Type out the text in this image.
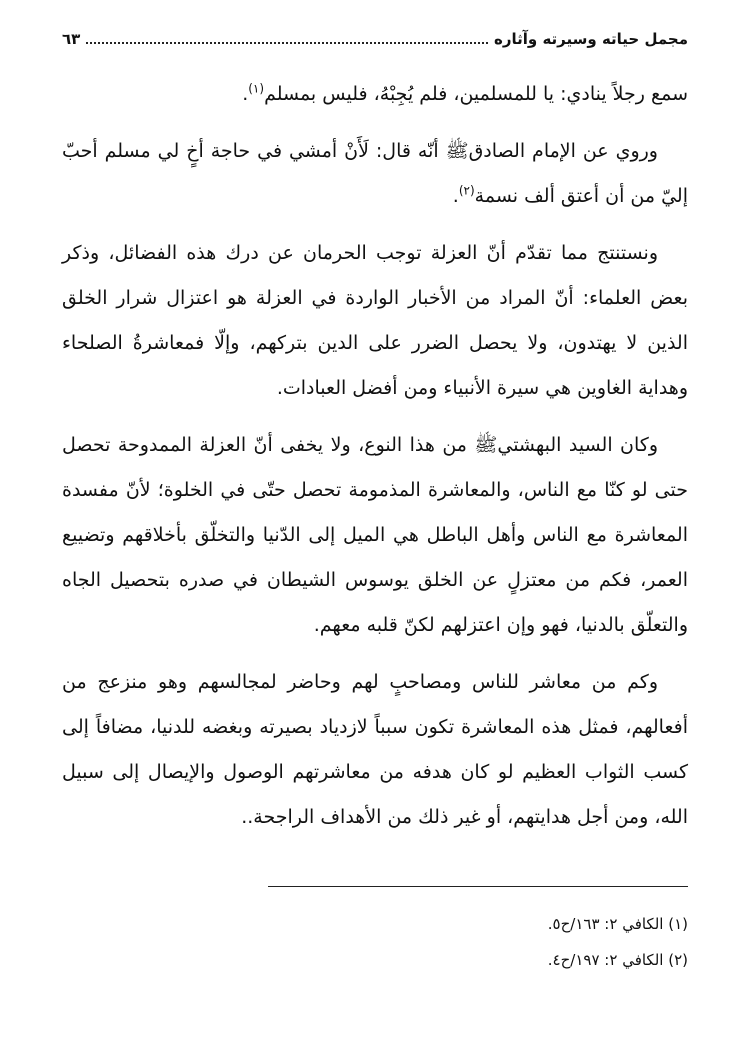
مجمل حياته وسيرته وآثاره
٦٣

سمع رجلاً ينادي: يا للمسلمين، فلم يُجِبْهُ، فليس بمسلم$^{(١)}$.

وروي عن الإمام الصادق‌ﷺ أنّه قال: لَأَنْ أمشي في حاجة أخٍ لي مسلم أحبّ إليّ من أن أعتق ألف نسمة$^{(٢)}$.

ونستنتج مما تقدّم أنّ العزلة توجب الحرمان عن درك هذه الفضائل، وذكر بعض العلماء: أنّ المراد من الأخبار الواردة في العزلة هو اعتزال شرار الخلق الذين لا يهتدون، ولا يحصل الضرر على الدين بتركهم، وإلّا فمعاشرةُ الصلحاء وهداية الغاوين هي سيرة الأنبياء ومن أفضل العبادات.

وكان السيد البهشتي‌ﷺ من هذا النوع، ولا يخفى أنّ العزلة الممدوحة تحصل حتى لو كنّا مع الناس، والمعاشرة المذمومة تحصل حتّى في الخلوة؛ لأنّ مفسدة المعاشرة مع الناس وأهل الباطل هي الميل إلى الدّنيا والتخلّق بأخلاقهم وتضييع العمر، فكم من معتزلٍ عن الخلق يوسوس الشيطان في صدره بتحصيل الجاه والتعلّق بالدنيا، فهو وإن اعتزلهم لكنّ قلبه معهم.

وكم من معاشر للناس ومصاحبٍ لهم وحاضر لمجالسهم وهو منزعج من أفعالهم، فمثل هذه المعاشرة تكون سبباً لازدياد بصيرته وبغضه للدنيا، مضافاً إلى كسب الثواب العظيم لو كان هدفه من معاشرتهم الوصول والإيصال إلى سبيل الله، ومن أجل هدايتهم، أو غير ذلك من الأهداف الراجحة..

(١) الكافي ٢: ١٦٣/ح٥.

(٢) الكافي ٢: ١٩٧/ح٤.
